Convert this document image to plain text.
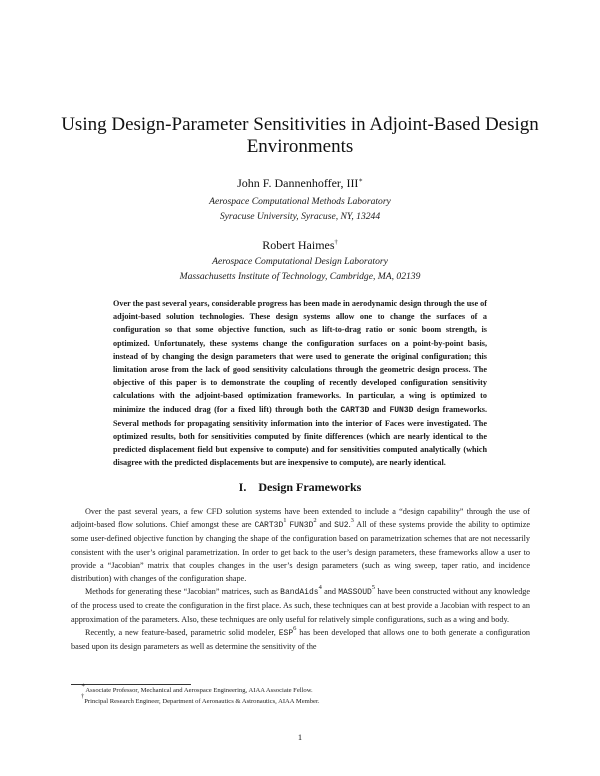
Using Design-Parameter Sensitivities in Adjoint-Based Design Environments
John F. Dannenhoffer, III∗
Aerospace Computational Methods Laboratory
Syracuse University, Syracuse, NY, 13244
Robert Haimes†
Aerospace Computational Design Laboratory
Massachusetts Institute of Technology, Cambridge, MA, 02139

Over the past several years, considerable progress has been made in aerodynamic design through the use of adjoint-based solution technologies. These design systems allow one to change the surfaces of a configuration so that some objective function, such as lift-to-drag ratio or sonic boom strength, is optimized. Unfortunately, these systems change the configuration surfaces on a point-by-point basis, instead of by changing the design parameters that were used to generate the original configuration; this limitation arose from the lack of good sensitivity calculations through the geometric design process. The objective of this paper is to demonstrate the coupling of recently developed configuration sensitivity calculations with the adjoint-based optimization frameworks. In particular, a wing is optimized to minimize the induced drag (for a fixed lift) through both the CART3D and FUN3D design frameworks. Several methods for propagating sensitivity information into the interior of Faces were investigated. The optimized results, both for sensitivities computed by finite differences (which are nearly identical to the predicted displacement field but expensive to compute) and for sensitivities computed analytically (which disagree with the predicted displacements but are inexpensive to compute), are nearly identical.

I. Design Frameworks

Over the past several years, a few CFD solution systems have been extended to include a “design capability” through the use of adjoint-based flow solutions. Chief amongst these are $CART3D^1$ $FUN3D^2$ and SU2.$^3$ All of these systems provide the ability to optimize some user-defined objective function by changing the shape of the configuration based on parametrization schemes that are not necessarily consistent with the user’s original parametrization. In order to get back to the user’s design parameters, these frameworks allow a user to provide a “Jacobian” matrix that couples changes in the user’s design parameters (such as wing sweep, taper ratio, and incidence distribution) with changes of the configuration shape.

Methods for generating these “Jacobian” matrices, such as BandAids$^4$ and MASSOUD$^5$ have been constructed without any knowledge of the process used to create the configuration in the first place. As such, these techniques can at best provide a Jacobian with respect to an approximation of the parameters. Also, these techniques are only useful for relatively simple configurations, such as a wing and body.

Recently, a new feature-based, parametric solid modeler, ESP$^6$ has been developed that allows one to both generate a configuration based upon its design parameters as well as determine the sensitivity of the

∗Associate Professor, Mechanical and Aerospace Engineering, AIAA Associate Fellow.
†Principal Research Engineer, Department of Aeronautics & Astronautics, AIAA Member.
1
